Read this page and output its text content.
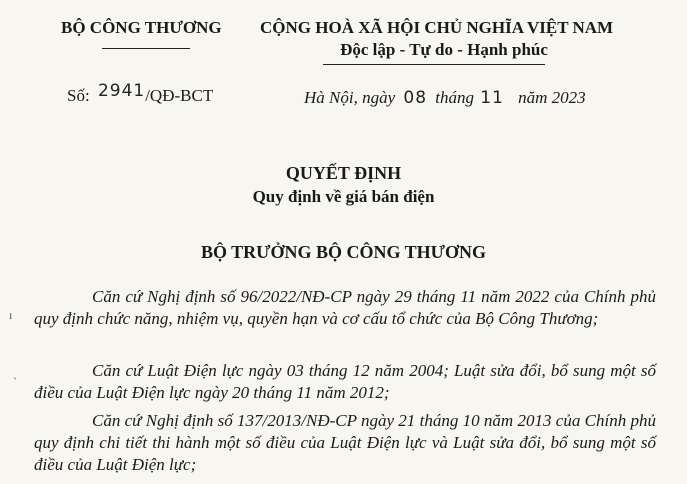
BỘ CÔNG THƯƠNG CỘNG HOÀ XÃ HỘI CHỦ NGHĨA VIỆT NAM
Độc lập - Tự do - Hạnh phúc
Số: 2941/QĐ-BCT	Hà Nội, ngày 08 tháng 11 năm 2023
QUYẾT ĐỊNH
Quy định về giá bán điện
BỘ TRƯỞNG BỘ CÔNG THƯƠNG
Căn cứ Nghị định số 96/2022/NĐ-CP ngày 29 tháng 11 năm 2022 của Chính phủ quy định chức năng, nhiệm vụ, quyền hạn và cơ cấu tổ chức của Bộ Công Thương;
Căn cứ Luật Điện lực ngày 03 tháng 12 năm 2004; Luật sửa đổi, bổ sung một số điều của Luật Điện lực ngày 20 tháng 11 năm 2012;
Căn cứ Nghị định số 137/2013/NĐ-CP ngày 21 tháng 10 năm 2013 của Chính phủ quy định chi tiết thi hành một số điều của Luật Điện lực và Luật sửa đổi, bổ sung một số điều của Luật Điện lực;
ı
ˋ
